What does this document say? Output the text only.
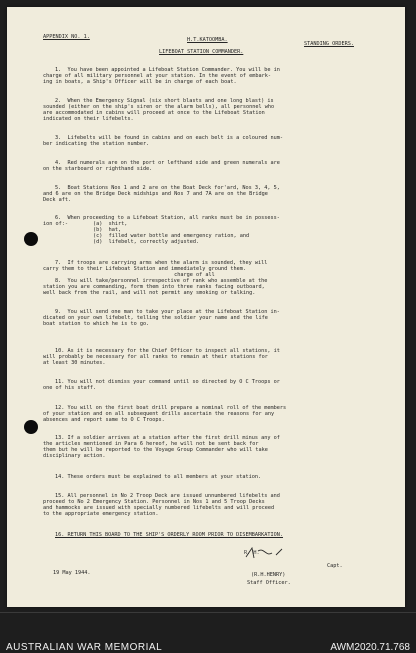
APPENDIX NO. 1.	H.T.KATOOMBA.
STANDING ORDERS.
LIFEBOAT STATION COMMANDER.
1.  You have been appointed a Lifeboat Station Commander. You will be in
charge of all military personnel at your station. In the event of embark-
ing in boats, a Ship's Officer will be in charge of each boat.
2.  When the Emergency Signal (six short blasts and one long blast) is
sounded (either on the ship's siren or the alarm bells), all personnel who
are accommodated in cabins will proceed at once to the Lifeboat Station
indicated on their lifebelts.
3.  Lifebelts will be found in cabins and on each belt is a coloured num-
ber indicating the station number.
4.  Red numerals are on the port or lefthand side and green numerals are
on the starboard or righthand side.
5.  Boat Stations Nos 1 and 2 are on the Boat Deck for'ard, Nos 3, 4, 5,
and 6 are on the Bridge Deck midships and Nos 7 and 7A are on the Bridge
Deck aft.
6.  When proceeding to a Lifeboat Station, all ranks must be in possess-
ion of:-        (a)  shirt,
(b)  hat,
(c)  filled water bottle and emergency ration, and
(d)  lifebelt, correctly adjusted.
7.  If troops are carrying arms when the alarm is sounded, they will
carry them to their Lifeboat Station and immediately ground them.
charge of all
8.  You will take/personnel irrespective of rank who assemble at the
station you are commanding, form them into three ranks facing outboard,
well back from the rail, and will not permit any smoking or talking.
9.  You will send one man to take your place at the Lifeboat Station in-
dicated on your own lifebelt, telling the soldier your name and the life
boat station to which he is to go.
10. As it is necessary for the Chief Officer to inspect all stations, it
will probably be necessary for all ranks to remain at their stations for
at least 30 minutes.
11. You will not dismiss your command until so directed by O C Troops or
one of his staff.
12. You will on the first boat drill prepare a nominal roll of the members
of your station and on all subsequent drills ascertain the reasons for any
absences and report same to O C Troops.
13. If a soldier arrives at a station after the first drill minus any of
the articles mentioned in Para 6 hereof, he will not be sent back for
them but he will be reported to the Voyage Group Commander who will take
disciplinary action.
14. These orders must be explained to all members at your station.
15. All personnel in No 2 Troop Deck are issued unnumbered lifebelts and
proceed to No 2 Emergency Station. Personnel in Nos 1 and 5 Troop Decks
and hammocks are issued with specially numbered lifebelts and will proceed
to the appropriate emergency station.
16. RETURN THIS BOARD TO THE SHIP'S ORDERLY ROOM PRIOR TO DISEMBARKATION.
19 May 1944.
R. H.
Capt.
(R.H.HENRY)
Staff Officer.
AUSTRALIAN WAR MEMORIAL	AWM2020.71.768
